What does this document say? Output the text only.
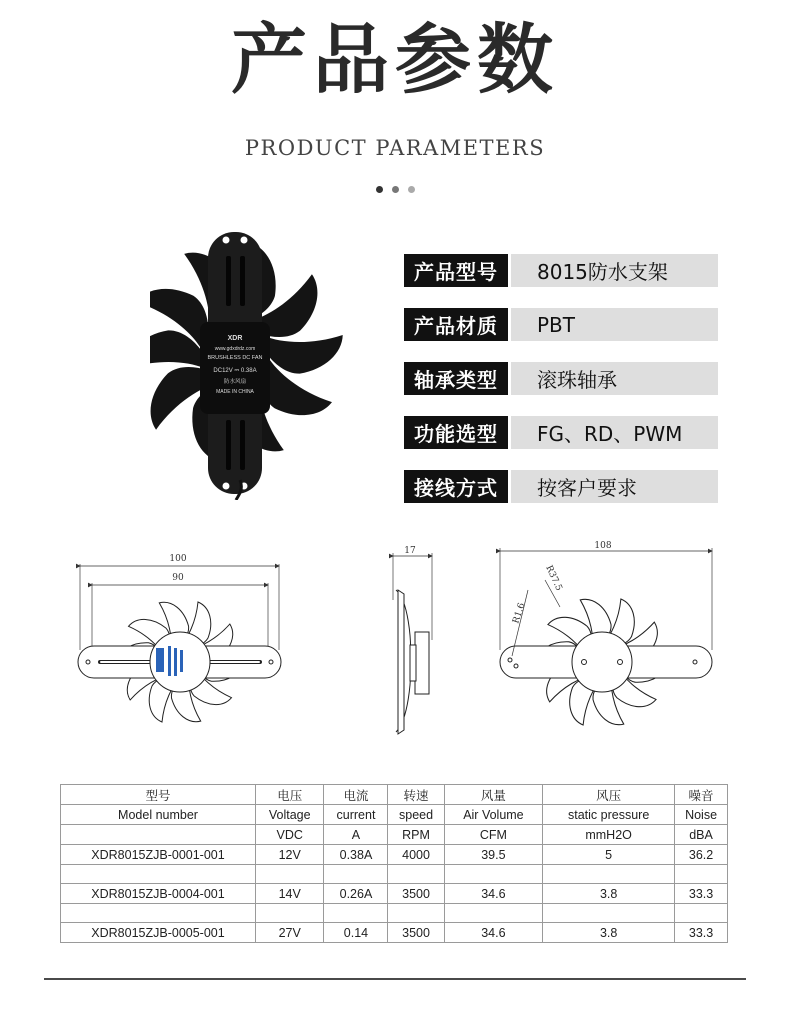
产品参数
PRODUCT PARAMETERS
XDR
www.gdxdrdz.com
BRUSHLESS DC FAN
DC12V ⎓ 0.38A
防水风扇
MADE IN CHINA
产品型号	8015防水支架
产品材质	PBT
轴承类型	滚珠轴承
功能选型	FG、RD、PWM
接线方式	按客户要求
100
90
17	108
R1.6
R37.5
型号	电压	电流	转速	风量	风压	噪音
Model number	Voltage	current	speed	Air Volume	static pressure	Noise
	VDC	A	RPM	CFM	mmH2O	dBA
XDR8015ZJB-0001-001	12V	0.38A	4000	39.5	5	36.2

XDR8015ZJB-0004-001	14V	0.26A	3500	34.6	3.8	33.3

XDR8015ZJB-0005-001	27V	0.14	3500	34.6	3.8	33.3
